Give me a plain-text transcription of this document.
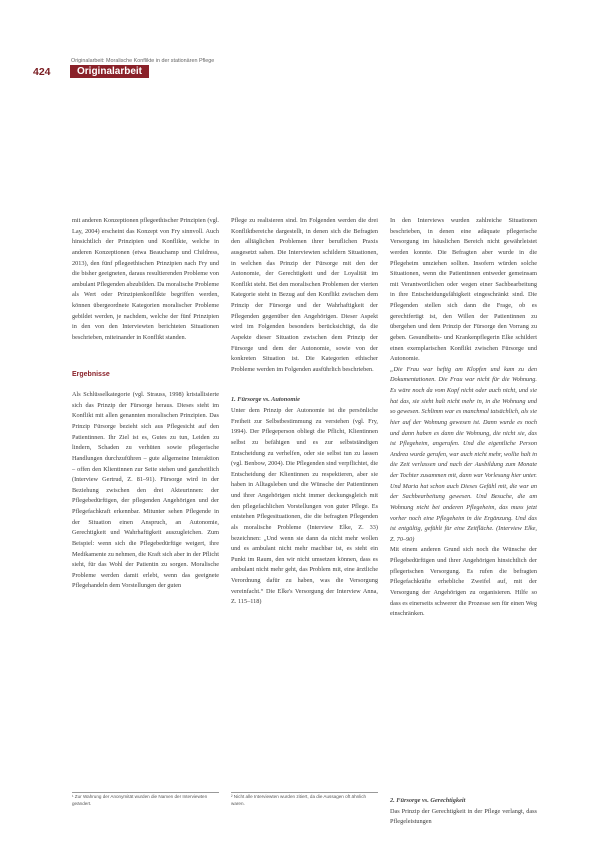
Originalarbeit: Moralische Konflikte in der stationären Pflege
424	Originalarbeit

mit anderen Konzeptionen pflegeethischer Prinzipien (vgl. Lay, 2004) erscheint das Konzept von Fry sinnvoll. Auch hinsichtlich der Prinzipien und Konflikte, welche in anderen Konzeptionen (etwa Beauchamp und Childress, 2013), den fünf pflegeethischen Prinzipien nach Fry und die bisher geeigneten, daraus resultierenden Probleme von ambulant Pflegenden abzubilden. Da moralische Probleme als Wert oder Prinzipienkonflikte begriffen werden, können übergeordnete Kategorien moralischer Probleme gebildet werden, je nachdem, welche der fünf Prinzipien in den von den Interviewten berichteten Situationen beschrieben, miteinander in Konflikt standen.

Ergebnisse

Als Schlüsselkategorie (vgl. Strauss, 1998) kristallisierte sich das Prinzip der Fürsorge heraus. Dieses steht im Konflikt mit allen genannten moralischen Prinzipien. Das Prinzip Fürsorge bezieht sich aus Pflegesicht auf den Patientinnen. Ihr Ziel ist es, Gutes zu tun, Leiden zu lindern, Schaden zu verhüten sowie pflegerische Handlungen durchzuführen – gute allgemeine Interaktion – offen den Klientinnen zur Seite stehen und ganzheitlich (Interview Gertrud, Z. 81–91). Fürsorge wird in der Beziehung zwischen den drei Akteurinnen: der Pflegebedürftigen, der pflegenden Angehörigen und der Pflegefachkraft erkennbar. Mitunter sehen Pflegende in der Situation einen Anspruch, an Autonomie, Gerechtigkeit und Wahrhaftigkeit auszugleichen. Zum Beispiel: wenn sich die Pflegebedürftige weigert, ihre Medikamente zu nehmen, die Kraft sich aber in der Pflicht sieht, für das Wohl der Patientin zu sorgen. Moralische Probleme werden damit erlebt, wenn das geeignete Pflegehandeln dem Vorstellungen der guten

Pflege zu realisieren sind. Im Folgenden werden die drei Konfliktbereiche dargestellt, in denen sich die Befragten den alltäglichen Problemen ihrer beruflichen Praxis ausgesetzt sahen. Die Interviewten schildern Situationen, in welchen das Prinzip der Fürsorge mit den der Autonomie, der Gerechtigkeit und der Loyalität im Konflikt steht. Bei den moralischen Problemen der vierten Kategorie steht in Bezug auf den Konflikt zwischen dem Prinzip der Fürsorge und der Wahrhaftigkeit der Pflegenden gegenüber den Angehörigen. Dieser Aspekt wird im Folgenden besonders berücksichtigt, da die Aspekte dieser Situation zwischen dem Prinzip der Fürsorge und dem der Autonomie, sowie von der konkreten Situation ist. Die Kategorien ethischer Probleme werden im Folgenden ausführlich beschrieben.

1. Fürsorge vs. Autonomie

Unter dem Prinzip der Autonomie ist die persönliche Freiheit zur Selbstbestimmung zu verstehen (vgl. Fry, 1994). Der Pflegeperson obliegt die Pflicht, Klientinnen selbst zu befähigen und es zur selbstständigen Entscheidung zu verhelfen, oder sie selbst tun zu lassen (vgl. Benbow, 2004). Die Pflegenden sind verpflichtet, die Entscheidung der Klientinnen zu respektieren, aber sie haben in Alltagsleben und die Wünsche der Patientinnen und ihrer Angehörigen nicht immer deckungsgleich mit den pflegefachlichen Vorstellungen von guter Pflege. Es entstehen Pflegesituationen, die die befragten Pflegenden als moralische Probleme (Interview Elke, Z. 33) bezeichnen: „Und wenn sie dann da nicht mehr wollen und es ambulant nicht mehr machbar ist, es steht ein Punkt im Raum, den wir nicht umsetzen können, dass es ambulant nicht mehr geht, das Problem mit, eine ärztliche Verordnung dafür zu haben, was die Versorgung vereinfacht.“ Die Elke's Versorgung der Interview Anna, Z. 115–118)

In den Interviews wurden zahlreiche Situationen beschrieben, in denen eine adäquate pflegerische Versorgung im häuslichen Bereich nicht gewährleistet werden konnte. Die Befragten aber wurde in die Pflegeheim umziehen sollten. Insofern würden solche Situationen, wenn die Patientinnen entweder gemeinsam mit Verantwortlichen oder wegen einer Sachbearbeitung in ihre Entscheidungsfähigkeit eingeschränkt sind. Die Pflegenden stellen sich dann die Frage, ob es gerechtfertigt ist, den Willen der Patientinnen zu übergehen und dem Prinzip der Fürsorge den Vorrang zu geben. Gesundheits- und Krankenpflegerin Elke schildert einen exemplarischen Konflikt zwischen Fürsorge und Autonomie.

„Die Frau war heftig am Klopfen und kam zu den Dokumentationen. Die Frau war nicht für die Wohnung. Es wäre noch da vom Kopf nicht oder auch nicht, und sie hat das, sie sieht halt nicht mehr in, in die Wohnung und so gewesen. Schlimm war es manchmal tatsächlich, als sie hier auf der Wohnung gewesen ist. Dann wurde es noch und dann haben es dann die Wohnung, die nicht sie, das ist Pflegeheim, angerufen. Und die eigentliche Person Andrea wurde gerufen, war auch nicht mehr, wollte halt in die Zeit verlassen und nach der Ausbildung zum Monate der Tochter zusammen mit, dann war Vorlesung hier unter. Und Maria hat schon auch Dieses Gefühl mit, die war an der Sachbearbeitung gewesen. Und Besuche, die am Wohnung nicht bei anderen Pflegeheim, das muss jetzt vorher noch eine Pflegeheim in die Ergänzung. Und das ist entgültig, gefühlt für eine Zeitfläche. (Interview Elke, Z. 70–90)

Mit einem anderen Grund sich noch die Wünsche der Pflegebedürftigen und ihrer Angehörigen hinsichtlich der pflegerischen Versorgung. Es rufen die befragten Pflegefachkräfte erhebliche Zweifel auf, mit der Versorgung der Angehörigen zu organisieren. Hilfe so dass es einerseits schwerer die Prozesse sen für einen Weg einschränken.

¹ Zur Wahrung der Anonymität wurden die Namen der Interviewten geändert.
² Nicht alle Interviewten wurden zitiert, da die Aussagen oft ähnlich waren.	2. Fürsorge vs. Gerechtigkeit

Das Prinzip der Gerechtigkeit in der Pflege verlangt, dass Pflegeleistungen
